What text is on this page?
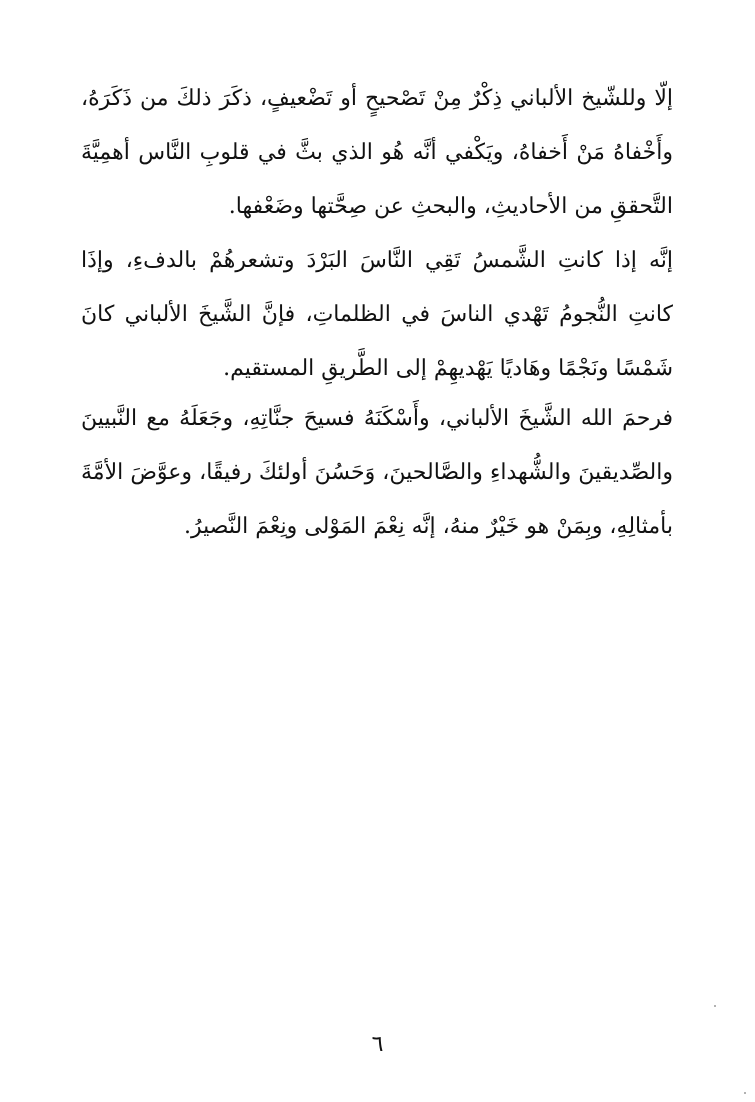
إلّا وللشّيخ الألباني ذِكْرٌ مِنْ تَصْحيحٍ أو تَضْعيفٍ، ذكَرَ ذلكَ من ذَكَرَهُ، وأَخْفاهُ مَنْ أَخفاهُ، ويَكْفي أنَّه هُو الذي بثَّ في قلوبِ النَّاس أهمِيَّةَ التَّحققِ من الأحاديثِ، والبحثِ عن صِحَّتها وضَعْفها.

إنَّه إذا كانتِ الشَّمسُ تَقِي النَّاسَ البَرْدَ وتشعرهُمْ بالدفءِ، وإذَا كانتِ النُّجومُ تَهْدي الناسَ في الظلماتِ، فإنَّ الشَّيخَ الألباني كانَ شَمْسًا ونَجْمًا وهَاديًا يَهْديهِمْ إلى الطَّريقِ المستقيم.

فرحمَ الله الشَّيخَ الألباني، وأَسْكَنَهُ فسيحَ جنَّاتِهِ، وجَعَلَهُ مع النَّبيينَ والصِّديقينَ والشُّهداءِ والصَّالحينَ، وَحَسُنَ أولئكَ رفيقًا، وعوَّضَ الأمَّةَ بأمثالِهِ، وبِمَنْ هو خَيْرٌ منهُ، إنَّه نِعْمَ المَوْلى ونِعْمَ النَّصيرُ.

٦
